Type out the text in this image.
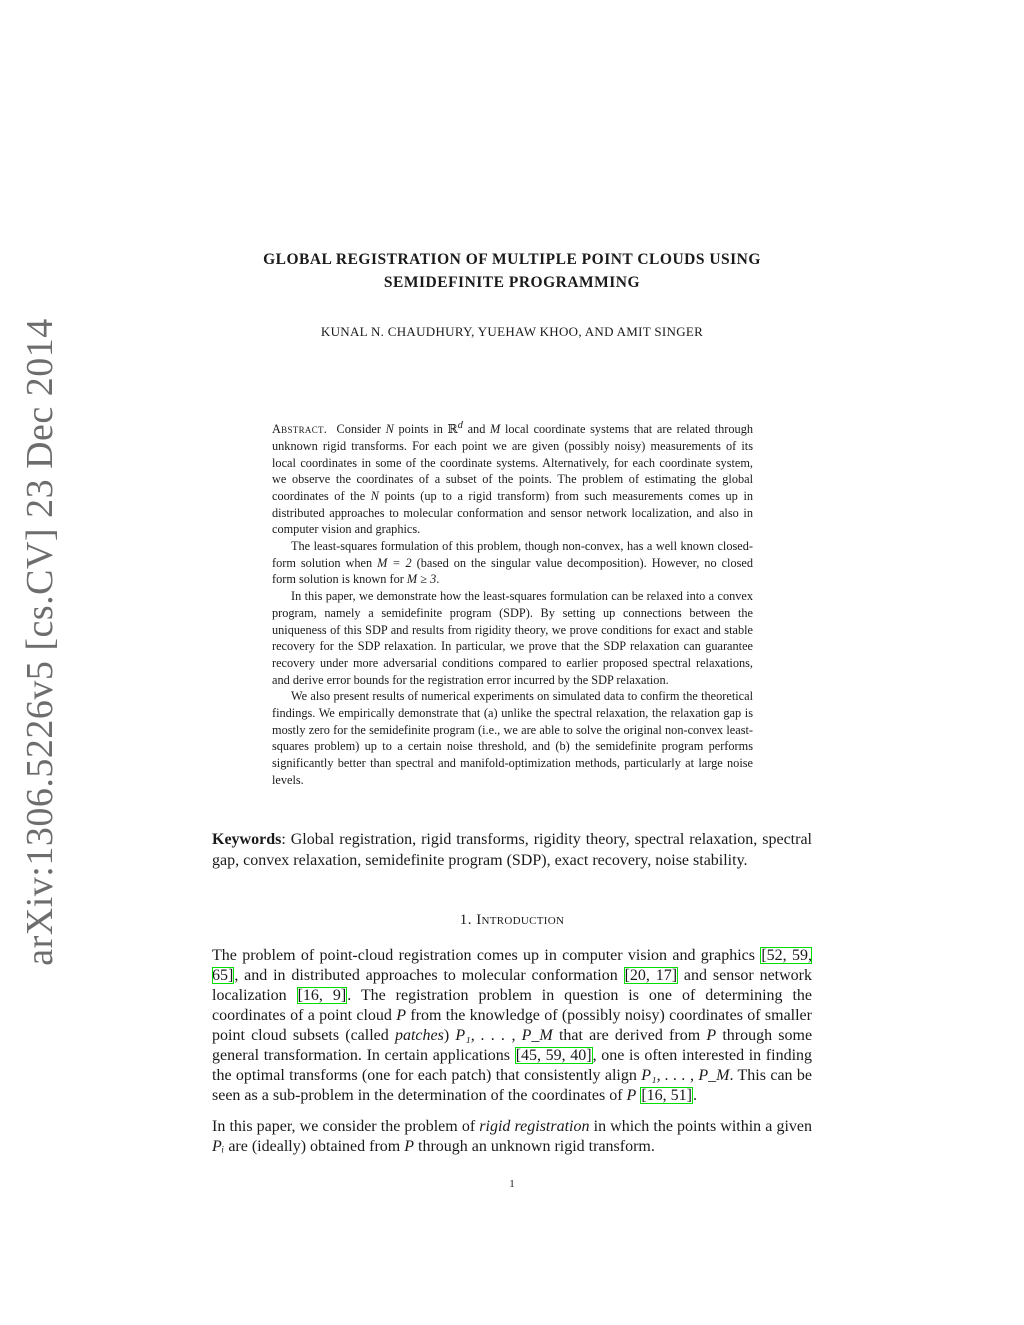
arXiv:1306.5226v5 [cs.CV] 23 Dec 2014
GLOBAL REGISTRATION OF MULTIPLE POINT CLOUDS USING
SEMIDEFINITE PROGRAMMING
KUNAL N. CHAUDHURY, YUEHAW KHOO, AND AMIT SINGER

Abstract. Consider N points in ℝ$^d$ and M local coordinate systems that are related through unknown rigid transforms. For each point we are given (possibly noisy) measurements of its local coordinates in some of the coordinate systems. Alternatively, for each coordinate system, we observe the coordinates of a subset of the points. The problem of estimating the global coordinates of the N points (up to a rigid transform) from such measurements comes up in distributed approaches to molecular conformation and sensor network localization, and also in computer vision and graphics.

The least-squares formulation of this problem, though non-convex, has a well known closed-form solution when M = 2 (based on the singular value decomposition). However, no closed form solution is known for M ≥ 3.

In this paper, we demonstrate how the least-squares formulation can be relaxed into a convex program, namely a semidefinite program (SDP). By setting up connections between the uniqueness of this SDP and results from rigidity theory, we prove conditions for exact and stable recovery for the SDP relaxation. In particular, we prove that the SDP relaxation can guarantee recovery under more adversarial conditions compared to earlier proposed spectral relaxations, and derive error bounds for the registration error incurred by the SDP relaxation.

We also present results of numerical experiments on simulated data to confirm the theoretical findings. We empirically demonstrate that (a) unlike the spectral relaxation, the relaxation gap is mostly zero for the semidefinite program (i.e., we are able to solve the original non-convex least-squares problem) up to a certain noise threshold, and (b) the semidefinite program performs significantly better than spectral and manifold-optimization methods, particularly at large noise levels.

Keywords: Global registration, rigid transforms, rigidity theory, spectral relaxation, spectral gap, convex relaxation, semidefinite program (SDP), exact recovery, noise stability.
1. Introduction

The problem of point-cloud registration comes up in computer vision and graphics [52, 59, 65], and in distributed approaches to molecular conformation [20, 17] and sensor network localization [16, 9]. The registration problem in question is one of determining the coordinates of a point cloud P from the knowledge of (possibly noisy) coordinates of smaller point cloud subsets (called patches) P₁, . . . , P_M that are derived from P through some general transformation. In certain applications [45, 59, 40], one is often interested in finding the optimal transforms (one for each patch) that consistently align P₁, . . . , P_M. This can be seen as a sub-problem in the determination of the coordinates of P [16, 51].

In this paper, we consider the problem of rigid registration in which the points within a given Pᵢ are (ideally) obtained from P through an unknown rigid transform.

1
